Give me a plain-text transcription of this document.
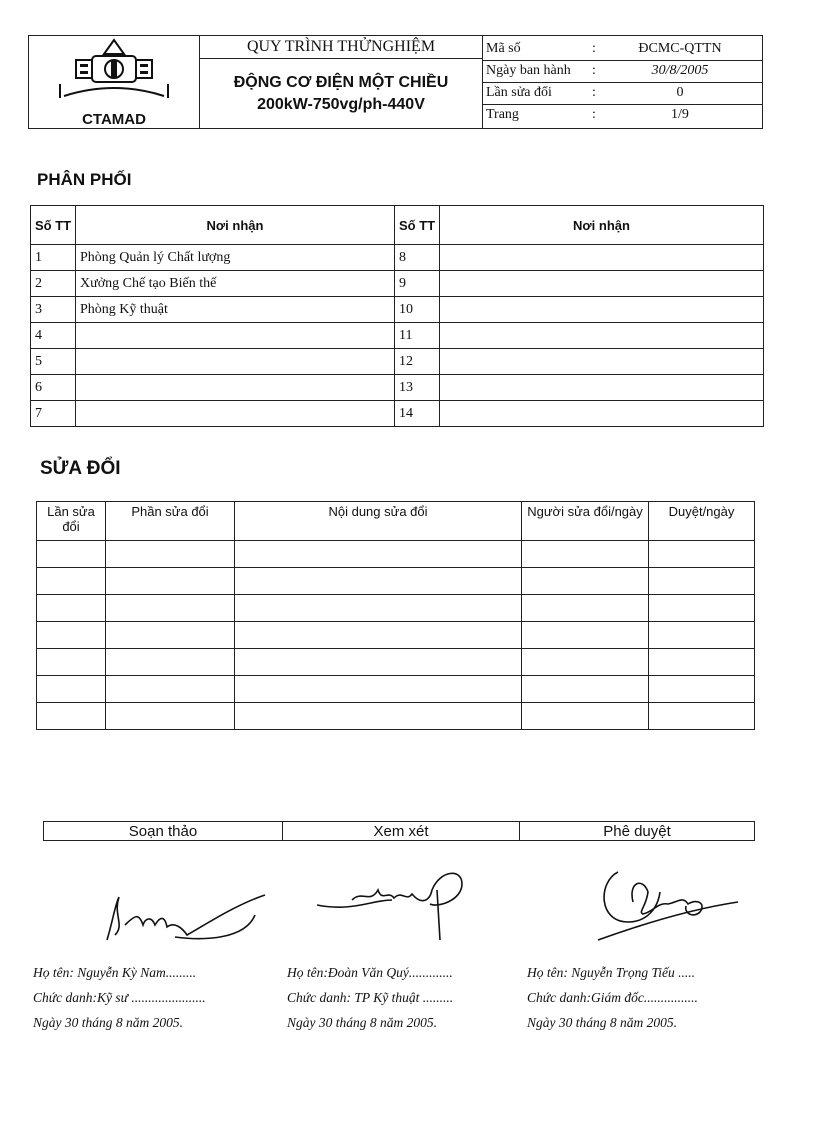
CTAMAD
	QUY TRÌNH THỬNGHIỆM		Mã số	:	ĐCMC-QTTN
Ngày ban hành	:	30/8/2005
Lần sửa đổi	:	0
Trang	:	1/9

ĐỘNG CƠ ĐIỆN MỘT CHIỀU
200kW-750vg/ph-440V

PHÂN PHỐI
Số TT	Nơi nhận	Số TT	Nơi nhận
1	Phòng Quản lý Chất lượng	8	
2	Xưởng Chế tạo Biến thế	9	
3	Phòng Kỹ thuật	10	
4		11	
5		12	
6		13	
7		14	
SỬA ĐỔI
Lần sửa đổi	Phần sửa đổi	Nội dung sửa đổi	Người sửa đổi/ngày	Duyệt/ngày

Soạn thảo	Xem xét	Phê duyệt
Họ tên: Nguyễn Kỳ Nam.........
Chức danh:Kỹ sư ......................
Ngày 30 tháng 8 năm 2005.
Họ tên:Đoàn Văn Quý.............
Chức danh: TP Kỹ thuật .........
Ngày 30 tháng 8 năm 2005.
Họ tên: Nguyễn Trọng Tiếu .....
Chức danh:Giám đốc................
Ngày 30 tháng 8 năm 2005.
